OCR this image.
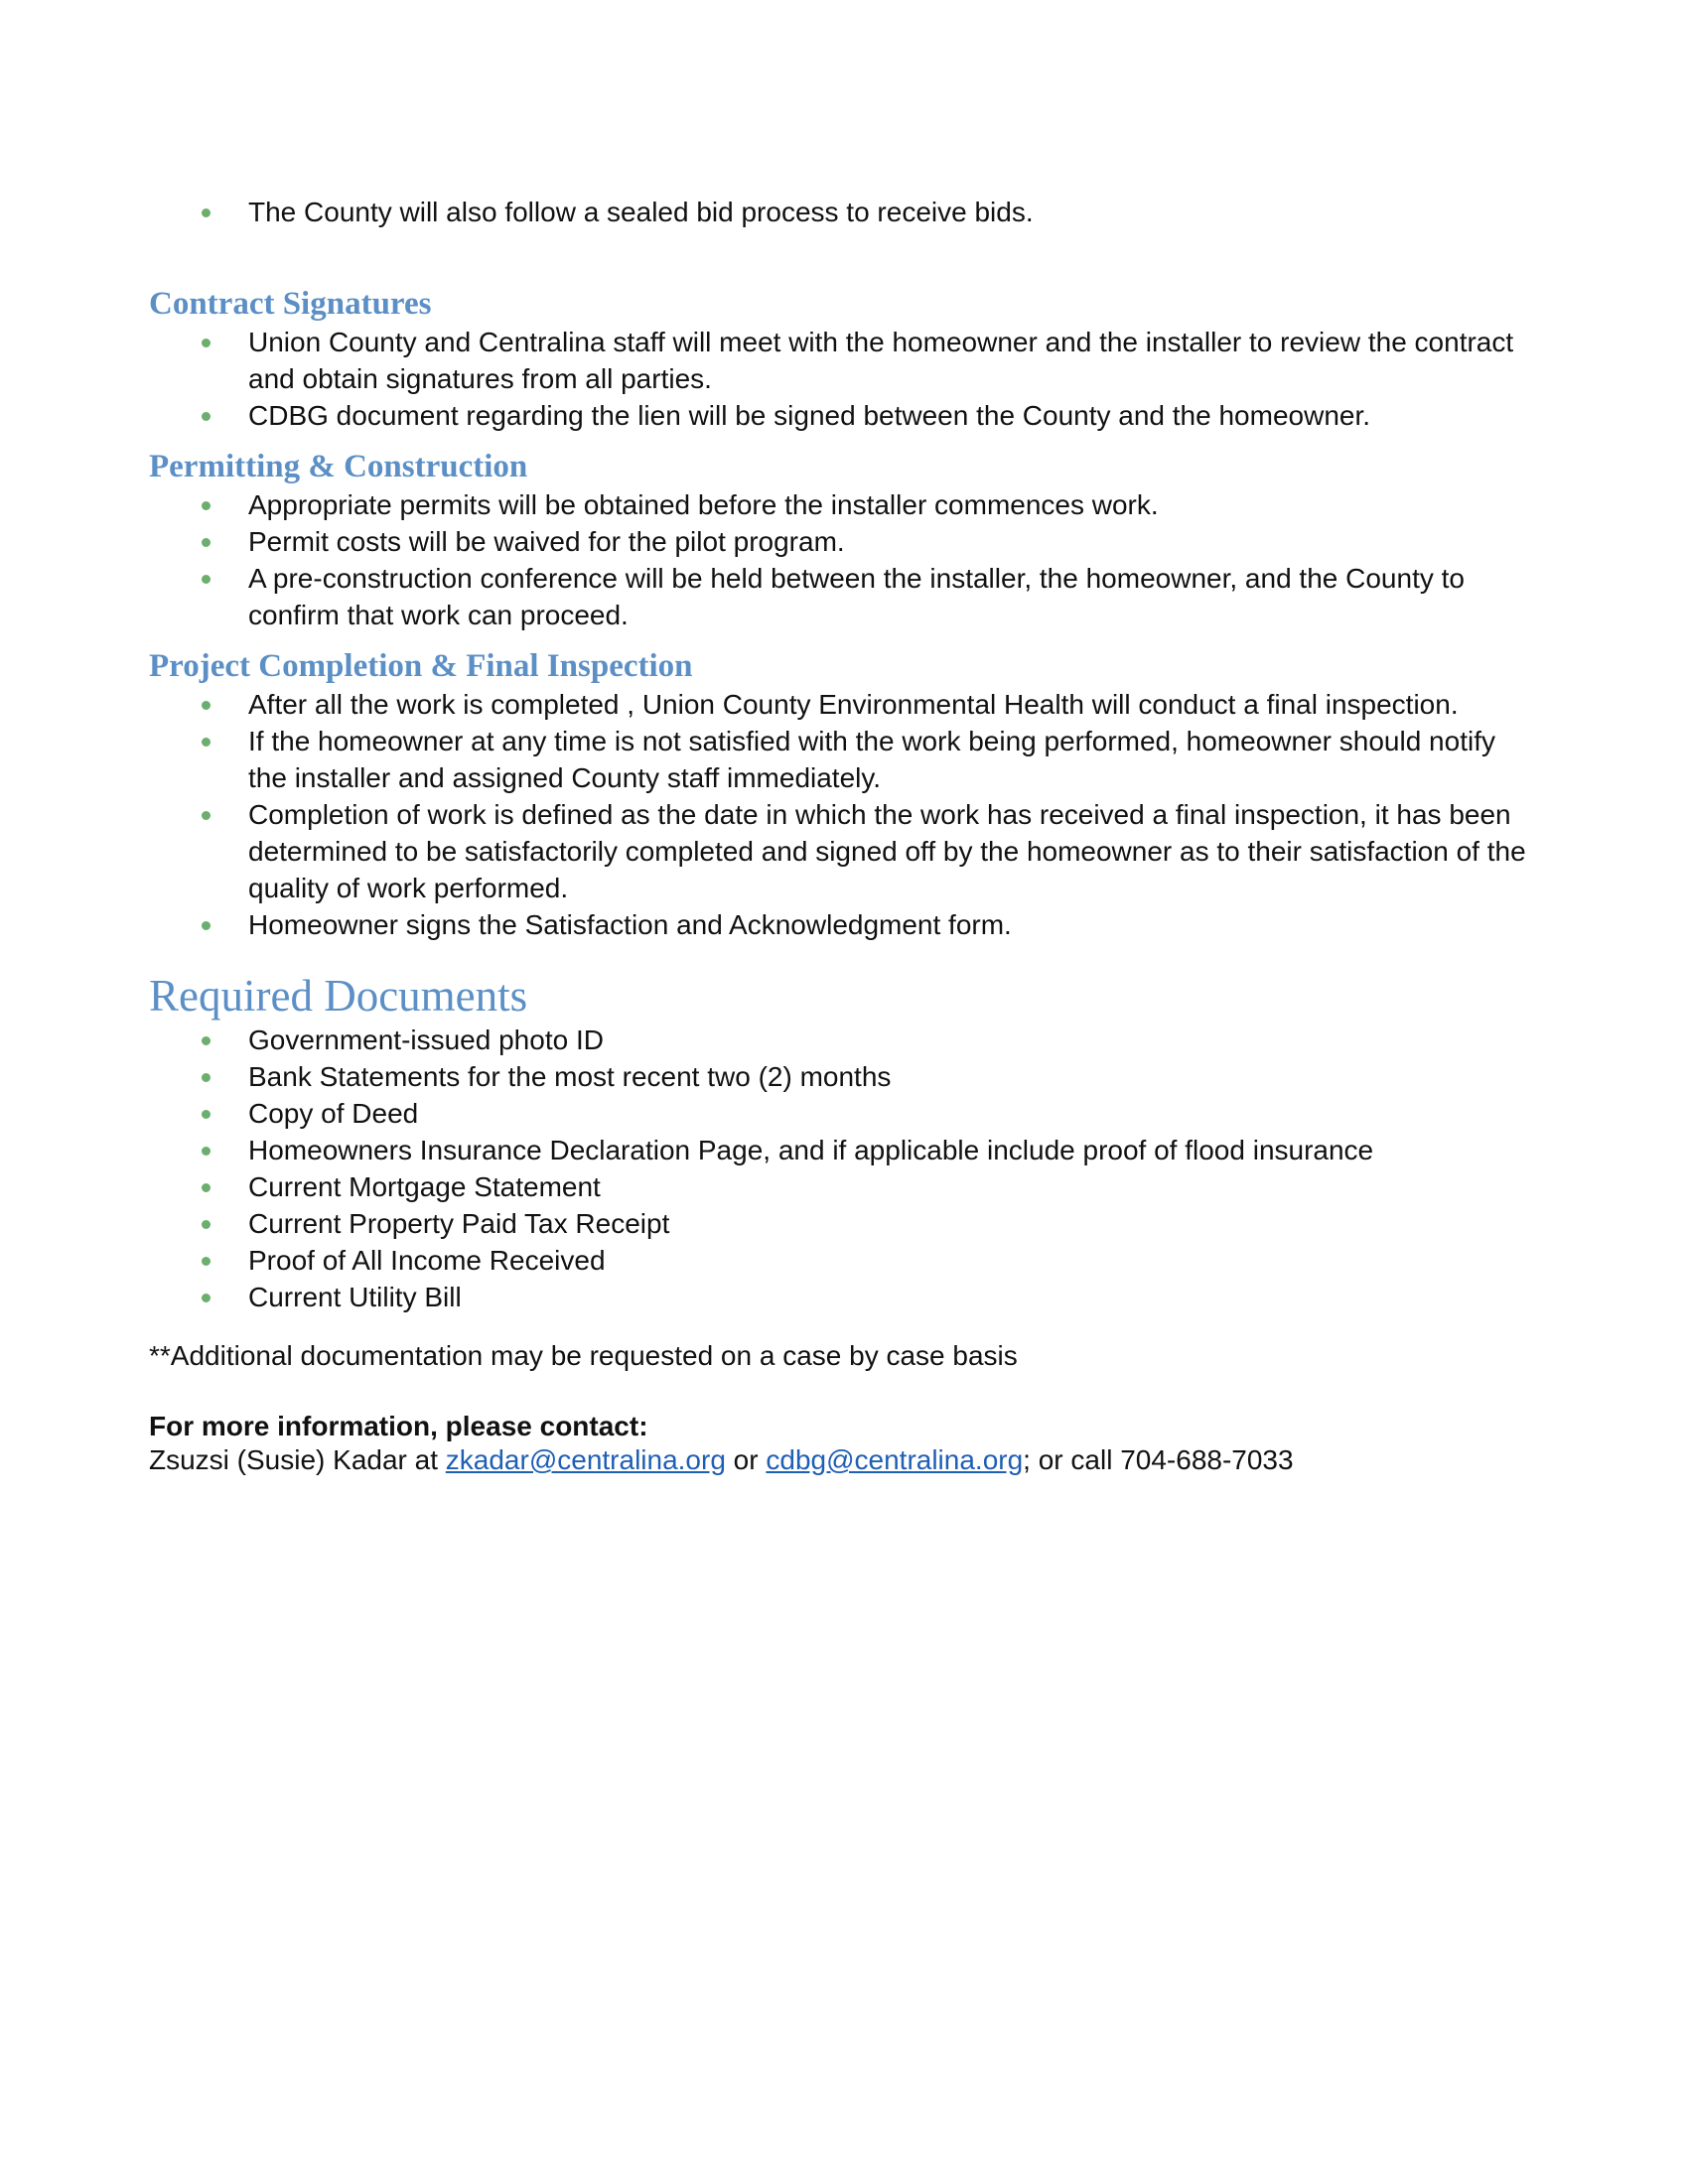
The County will also follow a sealed bid process to receive bids.
Contract Signatures
Union County and Centralina staff will meet with the homeowner and the installer to review the contract and obtain signatures from all parties.
CDBG document regarding the lien will be signed between the County and the homeowner.
Permitting & Construction
Appropriate permits will be obtained before the installer commences work.
Permit costs will be waived for the pilot program.
A pre-construction conference will be held between the installer, the homeowner, and the County to confirm that work can proceed.
Project Completion & Final Inspection
After all the work is completed , Union County Environmental Health will conduct a final inspection.
If the homeowner at any time is not satisfied with the work being performed, homeowner should notify the installer and assigned County staff immediately.
Completion of work is defined as the date in which the work has received a final inspection, it has been determined to be satisfactorily completed and signed off by the homeowner as to their satisfaction of the quality of work performed.
Homeowner signs the Satisfaction and Acknowledgment form.
Required Documents
Government-issued photo ID
Bank Statements for the most recent two (2) months
Copy of Deed
Homeowners Insurance Declaration Page, and if applicable include proof of flood insurance
Current Mortgage Statement
Current Property Paid Tax Receipt
Proof of All Income Received
Current Utility Bill
**Additional documentation may be requested on a case by case basis
For more information, please contact:
Zsuzsi (Susie) Kadar at zkadar@centralina.org or cdbg@centralina.org; or call 704-688-7033
